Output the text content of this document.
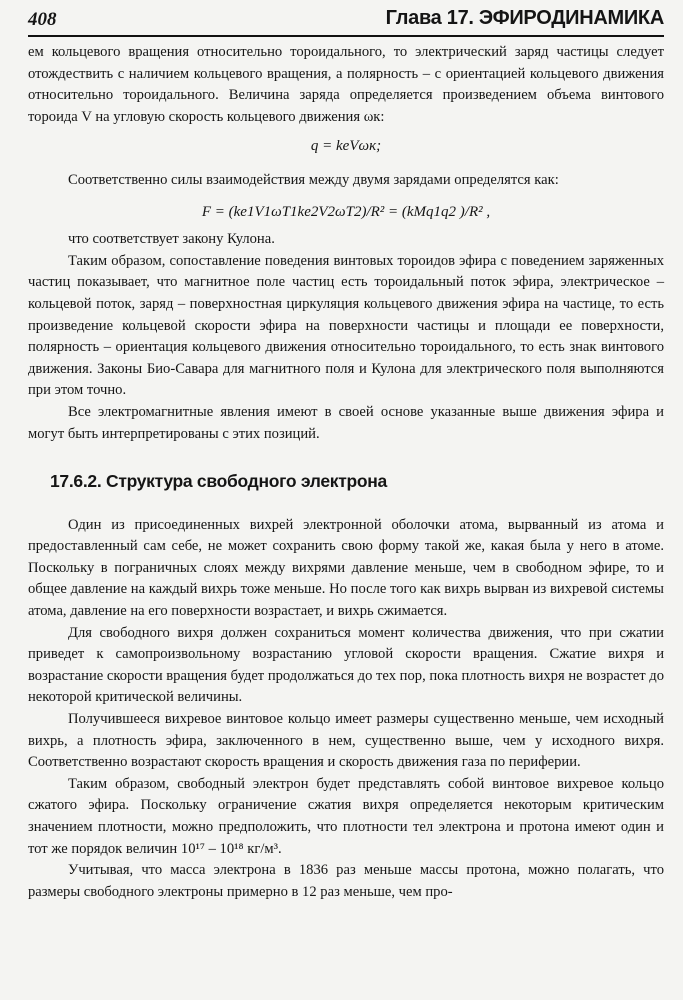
408	Глава 17. ЭФИРОДИНАМИКА

ем кольцевого вращения относительно тороидального, то электрический заряд частицы следует отождествить с наличием кольцевого вращения, а полярность – с ориентацией кольцевого движения относительно тороидального. Величина заряда определяется произведением объема винтового тороида V на угловую скорость кольцевого движения ωк:

q = kеVωк;

Соответственно силы взаимодействия между двумя зарядами определятся как:

F = (ke1V1ωT1ke2V2ωT2)/R² = (kMq1q2 )/R² ,

что соответствует закону Кулона.

Таким образом, сопоставление поведения винтовых тороидов эфира с поведением заряженных частиц показывает, что магнитное поле частиц есть тороидальный поток эфира, электрическое – кольцевой поток, заряд – поверхностная циркуляция кольцевого движения эфира на частице, то есть произведение кольцевой скорости эфира на поверхности частицы и площади ее поверхности, полярность – ориентация кольцевого движения относительно тороидального, то есть знак винтового движения. Законы Био-Савара для магнитного поля и Кулона для электрического поля выполняются при этом точно.

Все электромагнитные явления имеют в своей основе указанные выше движения эфира и могут быть интерпретированы с этих позиций.

17.6.2. Структура свободного электрона

Один из присоединенных вихрей электронной оболочки атома, вырванный из атома и предоставленный сам себе, не может сохранить свою форму такой же, какая была у него в атоме. Поскольку в пограничных слоях между вихрями давление меньше, чем в свободном эфире, то и общее давление на каждый вихрь тоже меньше. Но после того как вихрь вырван из вихревой системы атома, давление на его поверхности возрастает, и вихрь сжимается.

Для свободного вихря должен сохраниться момент количества движения, что при сжатии приведет к самопроизвольному возрастанию угловой скорости вращения. Сжатие вихря и возрастание скорости вращения будет продолжаться до тех пор, пока плотность вихря не возрастет до некоторой критической величины.

Получившееся вихревое винтовое кольцо имеет размеры существенно меньше, чем исходный вихрь, а плотность эфира, заключенного в нем, существенно выше, чем у исходного вихря. Соответственно возрастают скорость вращения и скорость движения газа по периферии.

Таким образом, свободный электрон будет представлять собой винтовое вихревое кольцо сжатого эфира. Поскольку ограничение сжатия вихря определяется некоторым критическим значением плотности, можно предположить, что плотности тел электрона и протона имеют один и тот же порядок величин 10¹⁷ – 10¹⁸ кг/м³.

Учитывая, что масса электрона в 1836 раз меньше массы протона, можно полагать, что размеры свободного электроны примерно в 12 раз меньше, чем про-
